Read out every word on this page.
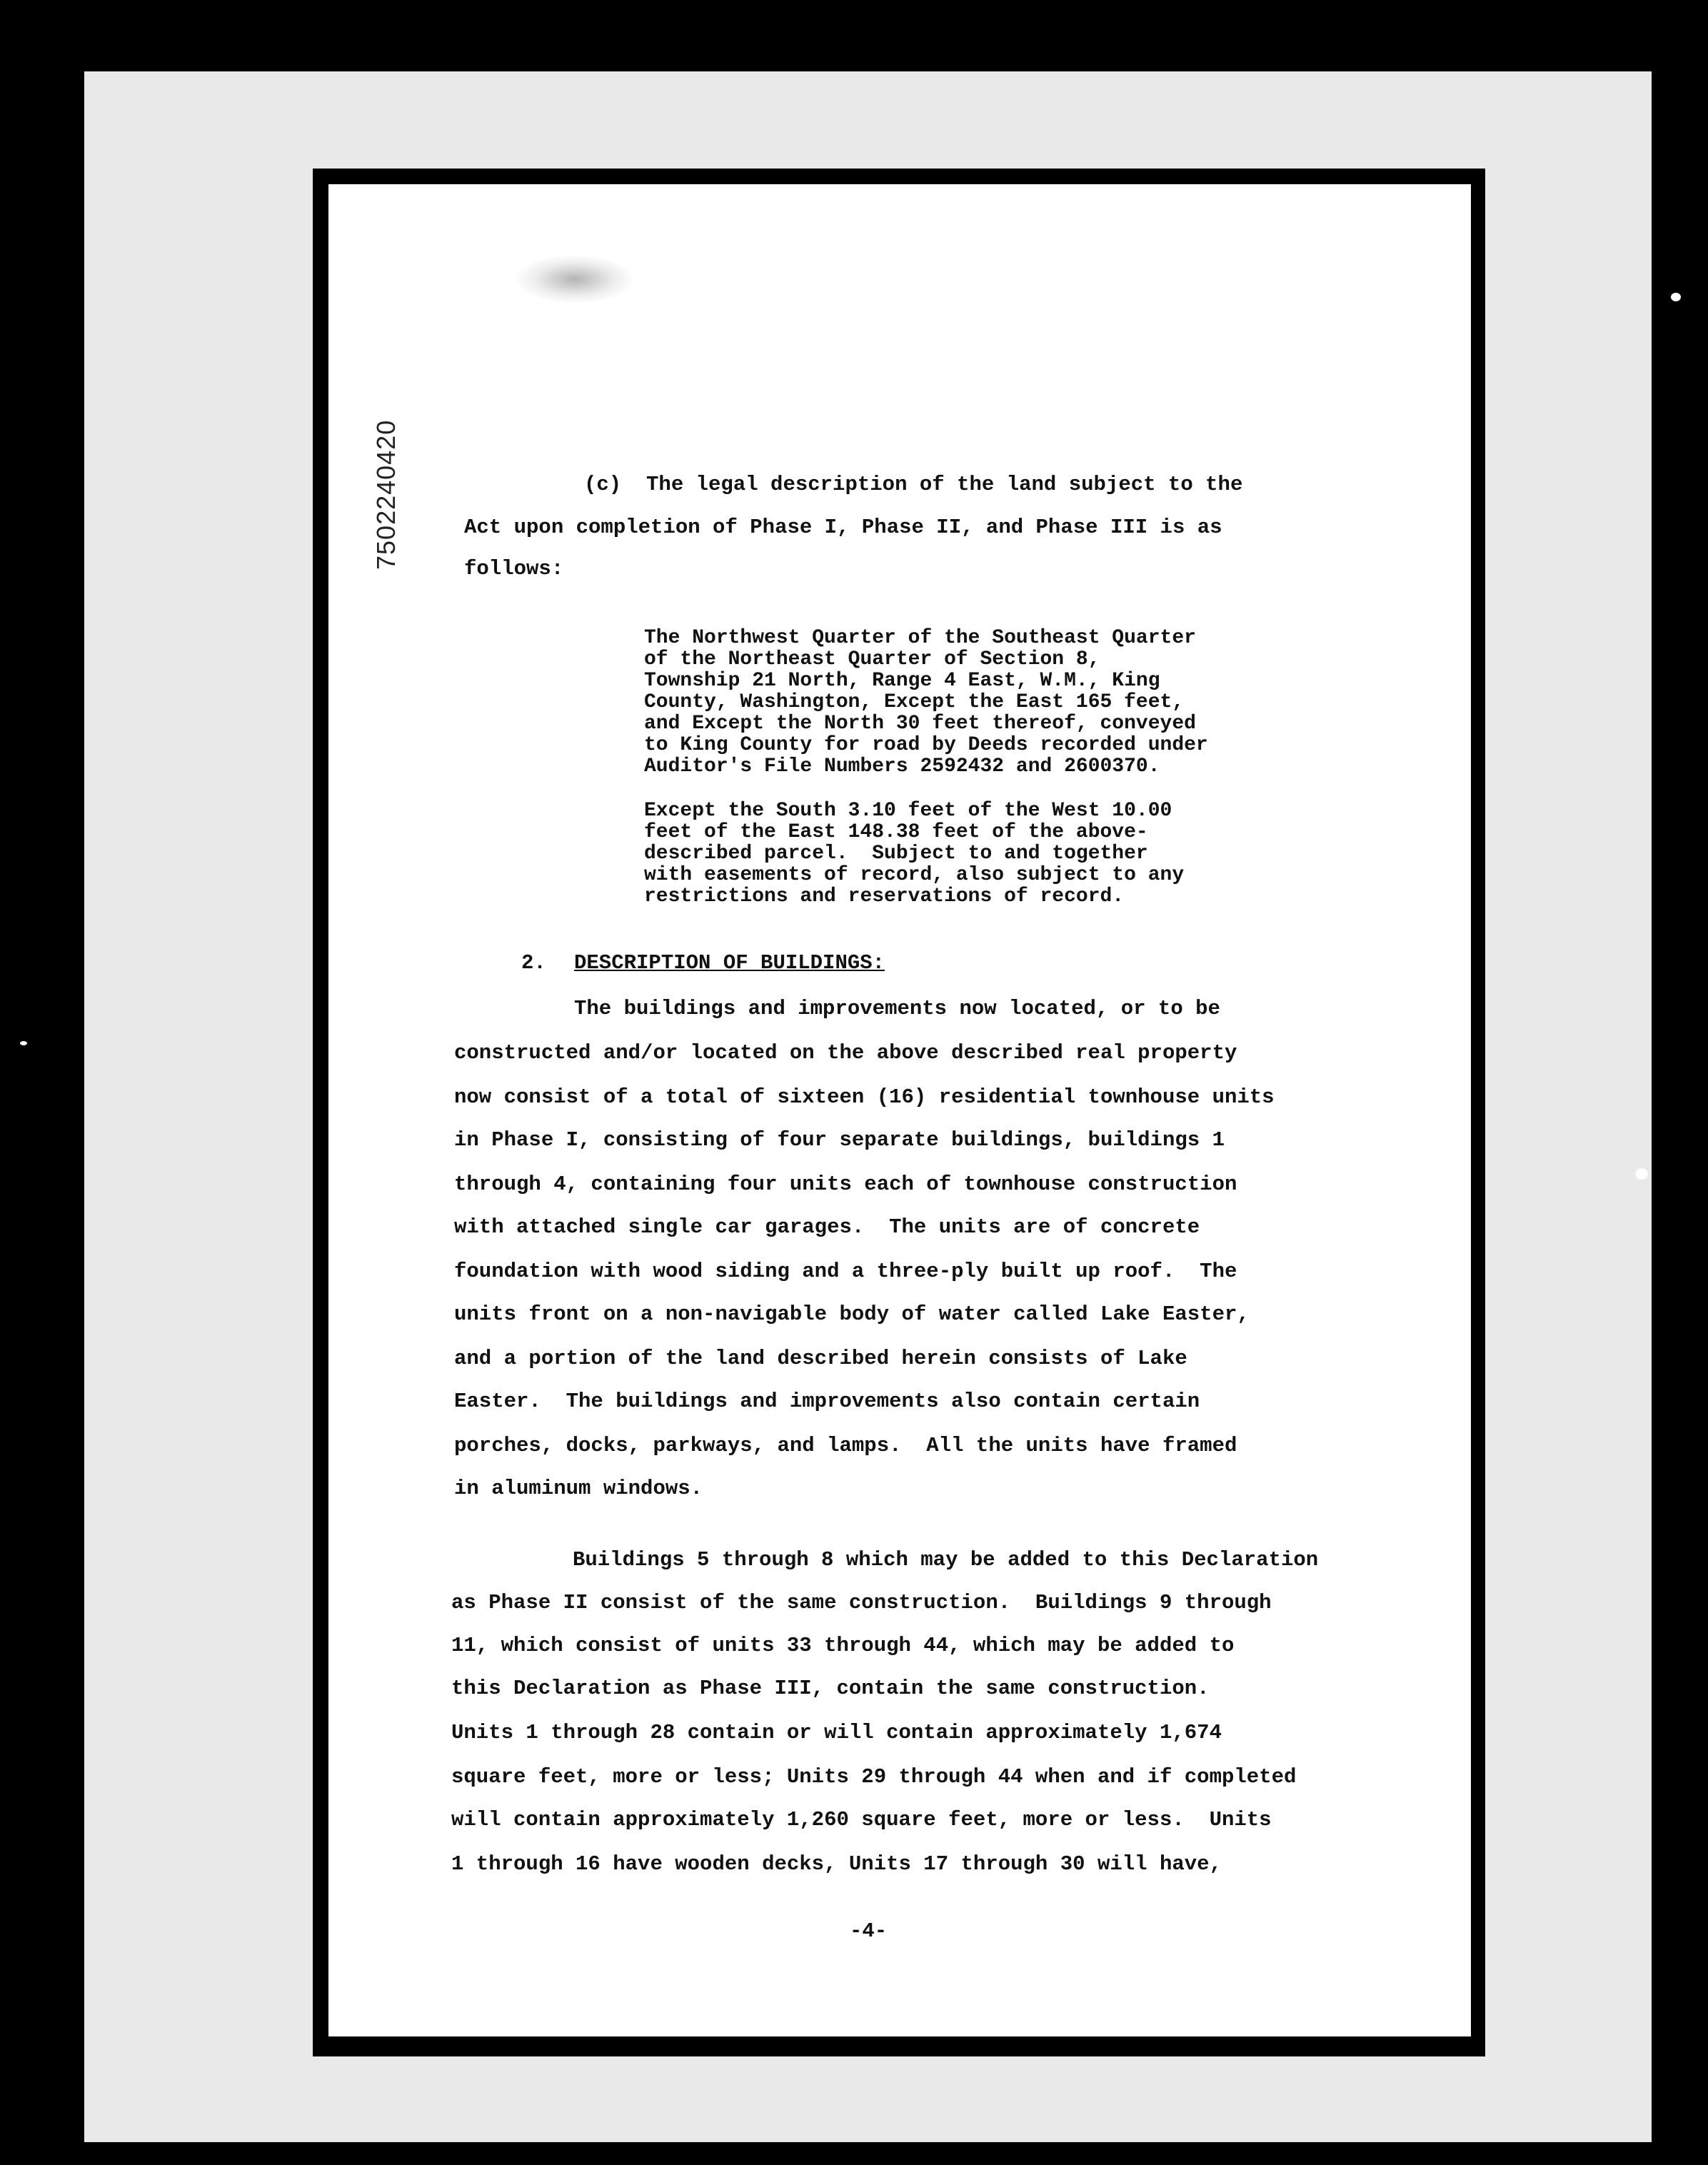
7502240420	(c)  The legal description of the land subject to the
Act upon completion of Phase I, Phase II, and Phase III is as
follows:
The Northwest Quarter of the Southeast Quarter
of the Northeast Quarter of Section 8,
Township 21 North, Range 4 East, W.M., King
County, Washington, Except the East 165 feet,
and Except the North 30 feet thereof, conveyed
to King County for road by Deeds recorded under
Auditor's File Numbers 2592432 and 2600370.
Except the South 3.10 feet of the West 10.00
feet of the East 148.38 feet of the above-
described parcel.  Subject to and together
with easements of record, also subject to any
restrictions and reservations of record.
2. DESCRIPTION OF BUILDINGS:
The buildings and improvements now located, or to be
constructed and/or located on the above described real property
now consist of a total of sixteen (16) residential townhouse units
in Phase I, consisting of four separate buildings, buildings 1
through 4, containing four units each of townhouse construction
with attached single car garages.  The units are of concrete
foundation with wood siding and a three-ply built up roof.  The
units front on a non-navigable body of water called Lake Easter,
and a portion of the land described herein consists of Lake
Easter.  The buildings and improvements also contain certain
porches, docks, parkways, and lamps.  All the units have framed
in aluminum windows.
Buildings 5 through 8 which may be added to this Declaration
as Phase II consist of the same construction.  Buildings 9 through
11, which consist of units 33 through 44, which may be added to
this Declaration as Phase III, contain the same construction.
Units 1 through 28 contain or will contain approximately 1,674
square feet, more or less; Units 29 through 44 when and if completed
will contain approximately 1,260 square feet, more or less.  Units
1 through 16 have wooden decks, Units 17 through 30 will have,
-4-
